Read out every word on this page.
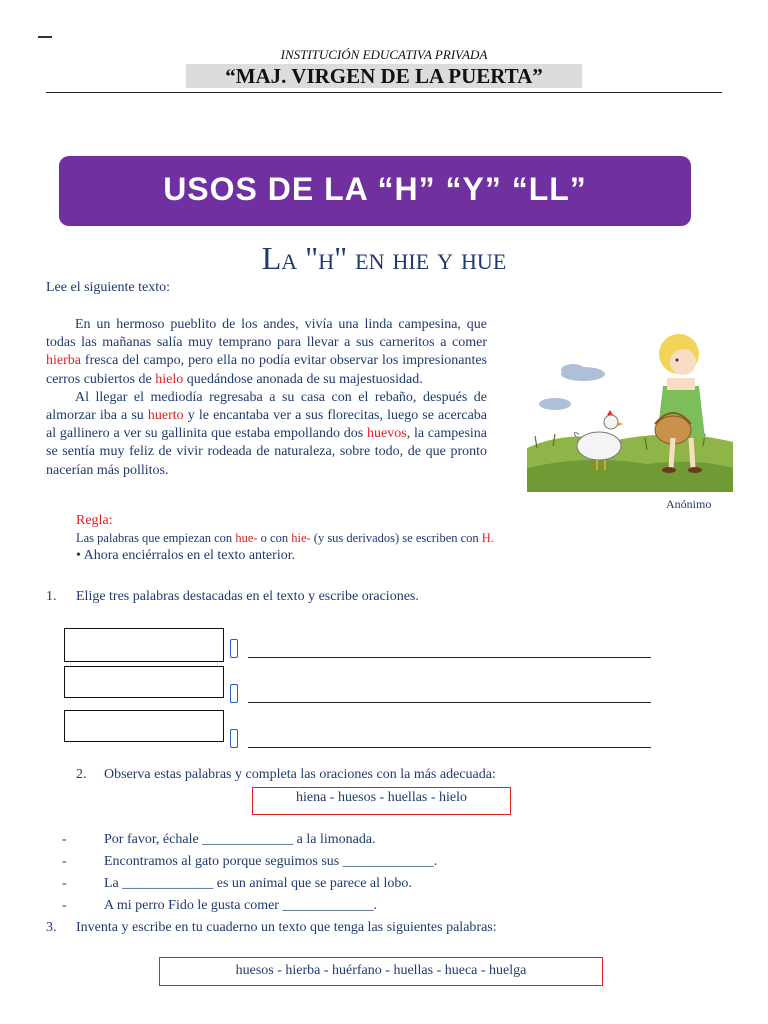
INSTITUCIÓN EDUCATIVA PRIVADA
“MAJ. VIRGEN DE LA PUERTA”
USOS DE LA “H” “Y” “LL”
La "h" en hie y hue
Lee el siguiente texto:

En un hermoso pueblito de los andes, vivía una linda campesina, que todas las mañanas salía muy temprano para llevar a sus carneritos a comer hierba fresca del campo, pero ella no podía evitar observar los impresionantes cerros cubiertos de hielo quedándose anonada de su majestuosidad.

Al llegar el mediodía regresaba a su casa con el rebaño, después de almorzar iba a su huerto y le encantaba ver a sus florecitas, luego se acercaba al gallinero a ver su gallinita que estaba empollando dos huevos, la campesina se sentía muy feliz de vivir rodeada de naturaleza, sobre todo, de que pronto nacerían más pollitos.

Anónimo
Regla:
Las palabras que empiezan con hue- o con hie- (y sus derivados) se escriben con H.
• Ahora enciérralos en el texto anterior.
1. Elige tres palabras destacadas en el texto y escribe oraciones.
2. Observa estas palabras y completa las oraciones con la más adecuada:
hiena - huesos - huellas - hielo
-	Por favor, échale _____________ a la limonada.
-	Encontramos al gato porque seguimos sus _____________.
-	La _____________ es un animal que se parece al lobo.
-	A mi perro Fido le gusta comer _____________.
3. Inventa y escribe en tu cuaderno un texto que tenga las siguientes palabras:
huesos - hierba - huérfano - huellas - hueca - huelga
